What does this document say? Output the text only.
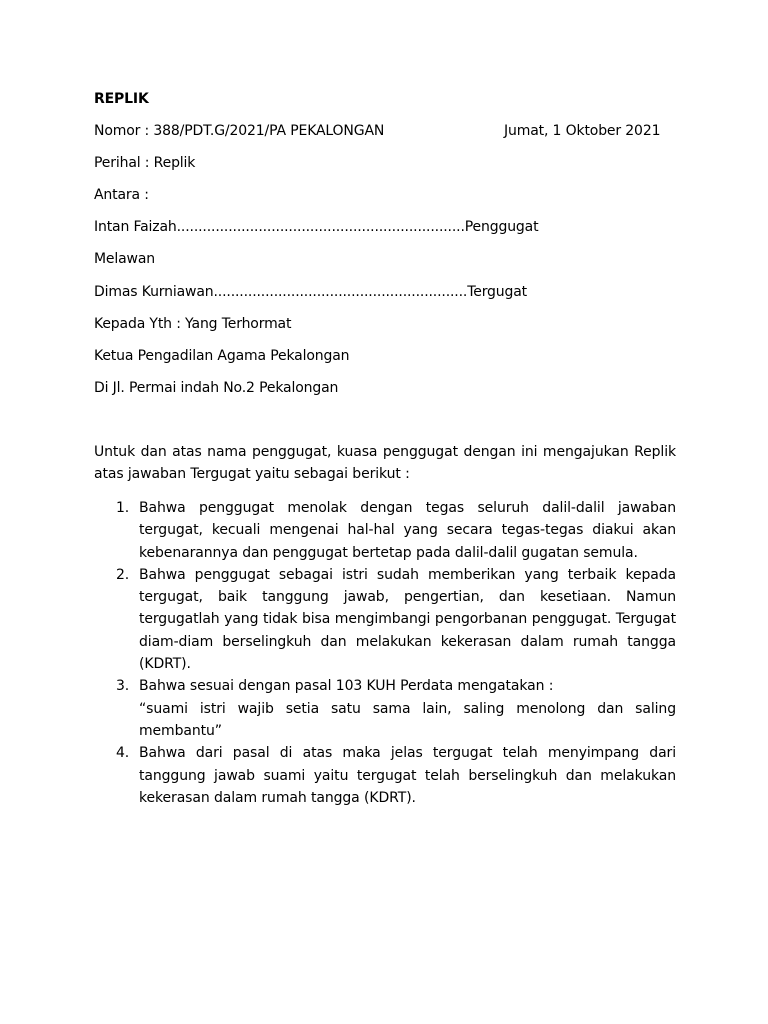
REPLIK
Nomor : 388/PDT.G/2021/PA PEKALONGAN	Jumat, 1 Oktober 2021
Perihal : Replik
Antara :
Intan Faizah...................................................................Penggugat
Melawan
Dimas Kurniawan...........................................................Tergugat
Kepada Yth : Yang Terhormat
Ketua Pengadilan Agama Pekalongan
Di Jl. Permai indah No.2 Pekalongan
Untuk dan atas nama penggugat, kuasa penggugat dengan ini mengajukan Replik atas jawaban Tergugat yaitu sebagai berikut :
1. Bahwa penggugat menolak dengan tegas seluruh dalil-dalil jawaban tergugat, kecuali mengenai hal-hal yang secara tegas-tegas diakui akan kebenarannya dan penggugat bertetap pada dalil-dalil gugatan semula.
2. Bahwa penggugat sebagai istri sudah memberikan yang terbaik kepada tergugat, baik tanggung jawab, pengertian, dan kesetiaan. Namun tergugatlah yang tidak bisa mengimbangi pengorbanan penggugat. Tergugat diam-diam berselingkuh dan melakukan kekerasan dalam rumah tangga (KDRT).
3. Bahwa sesuai dengan pasal 103 KUH Perdata mengatakan :
“suami istri wajib setia satu sama lain, saling menolong dan saling membantu”
4. Bahwa dari pasal di atas maka jelas tergugat telah menyimpang dari tanggung jawab suami yaitu tergugat telah berselingkuh dan melakukan kekerasan dalam rumah tangga (KDRT).
